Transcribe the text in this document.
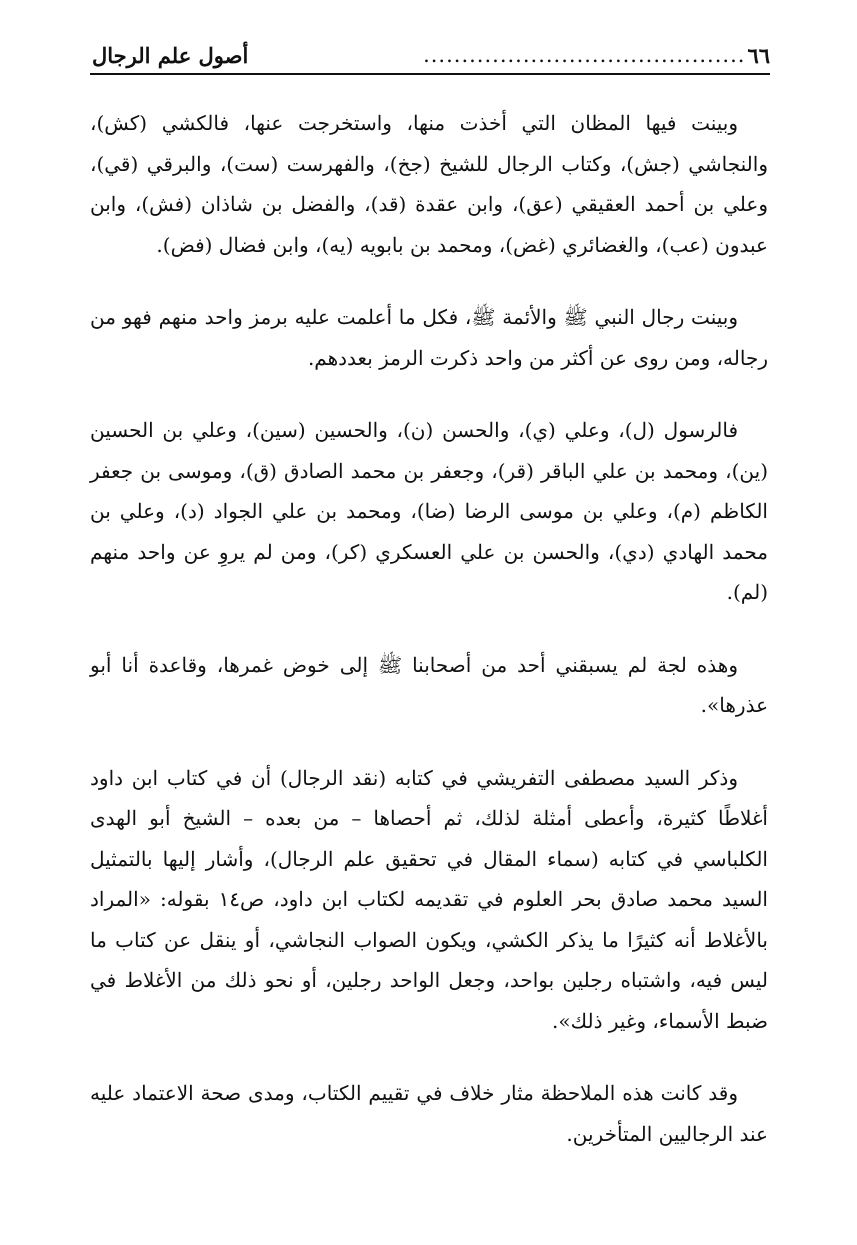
٦٦
..........................................
أصول علم الرجال

وبينت فيها المظان التي أخذت منها، واستخرجت عنها، فالكشي (كش)، والنجاشي (جش)، وكتاب الرجال للشيخ (جخ)، والفهرست (ست)، والبرقي (قي)، وعلي بن أحمد العقيقي (عق)، وابن عقدة (قد)، والفضل بن شاذان (فش)، وابن عبدون (عب)، والغضائري (غض)، ومحمد بن بابويه (يه)، وابن فضال (فض).

وبينت رجال النبي ﷺ والأئمة ﷺ، فكل ما أعلمت عليه برمز واحد منهم فهو من رجاله، ومن روى عن أكثر من واحد ذكرت الرمز بعددهم.

فالرسول (ل)، وعلي (ي)، والحسن (ن)، والحسين (سين)، وعلي بن الحسين (ين)، ومحمد بن علي الباقر (قر)، وجعفر بن محمد الصادق (ق)، وموسى بن جعفر الكاظم (م)، وعلي بن موسى الرضا (ضا)، ومحمد بن علي الجواد (د)، وعلي بن محمد الهادي (دي)، والحسن بن علي العسكري (كر)، ومن لم يروِ عن واحد منهم (لم).

وهذه لجة لم يسبقني أحد من أصحابنا ﷺ إلى خوض غمرها، وقاعدة أنا أبو عذرها».

وذكر السيد مصطفى التفريشي في كتابه (نقد الرجال) أن في كتاب ابن داود أغلاطًا كثيرة، وأعطى أمثلة لذلك، ثم أحصاها – من بعده – الشيخ أبو الهدى الكلباسي في كتابه (سماء المقال في تحقيق علم الرجال)، وأشار إليها بالتمثيل السيد محمد صادق بحر العلوم في تقديمه لكتاب ابن داود، ص١٤ بقوله: «المراد بالأغلاط أنه كثيرًا ما يذكر الكشي، ويكون الصواب النجاشي، أو ينقل عن كتاب ما ليس فيه، واشتباه رجلين بواحد، وجعل الواحد رجلين، أو نحو ذلك من الأغلاط في ضبط الأسماء، وغير ذلك».

وقد كانت هذه الملاحظة مثار خلاف في تقييم الكتاب، ومدى صحة الاعتماد عليه عند الرجاليين المتأخرين.
